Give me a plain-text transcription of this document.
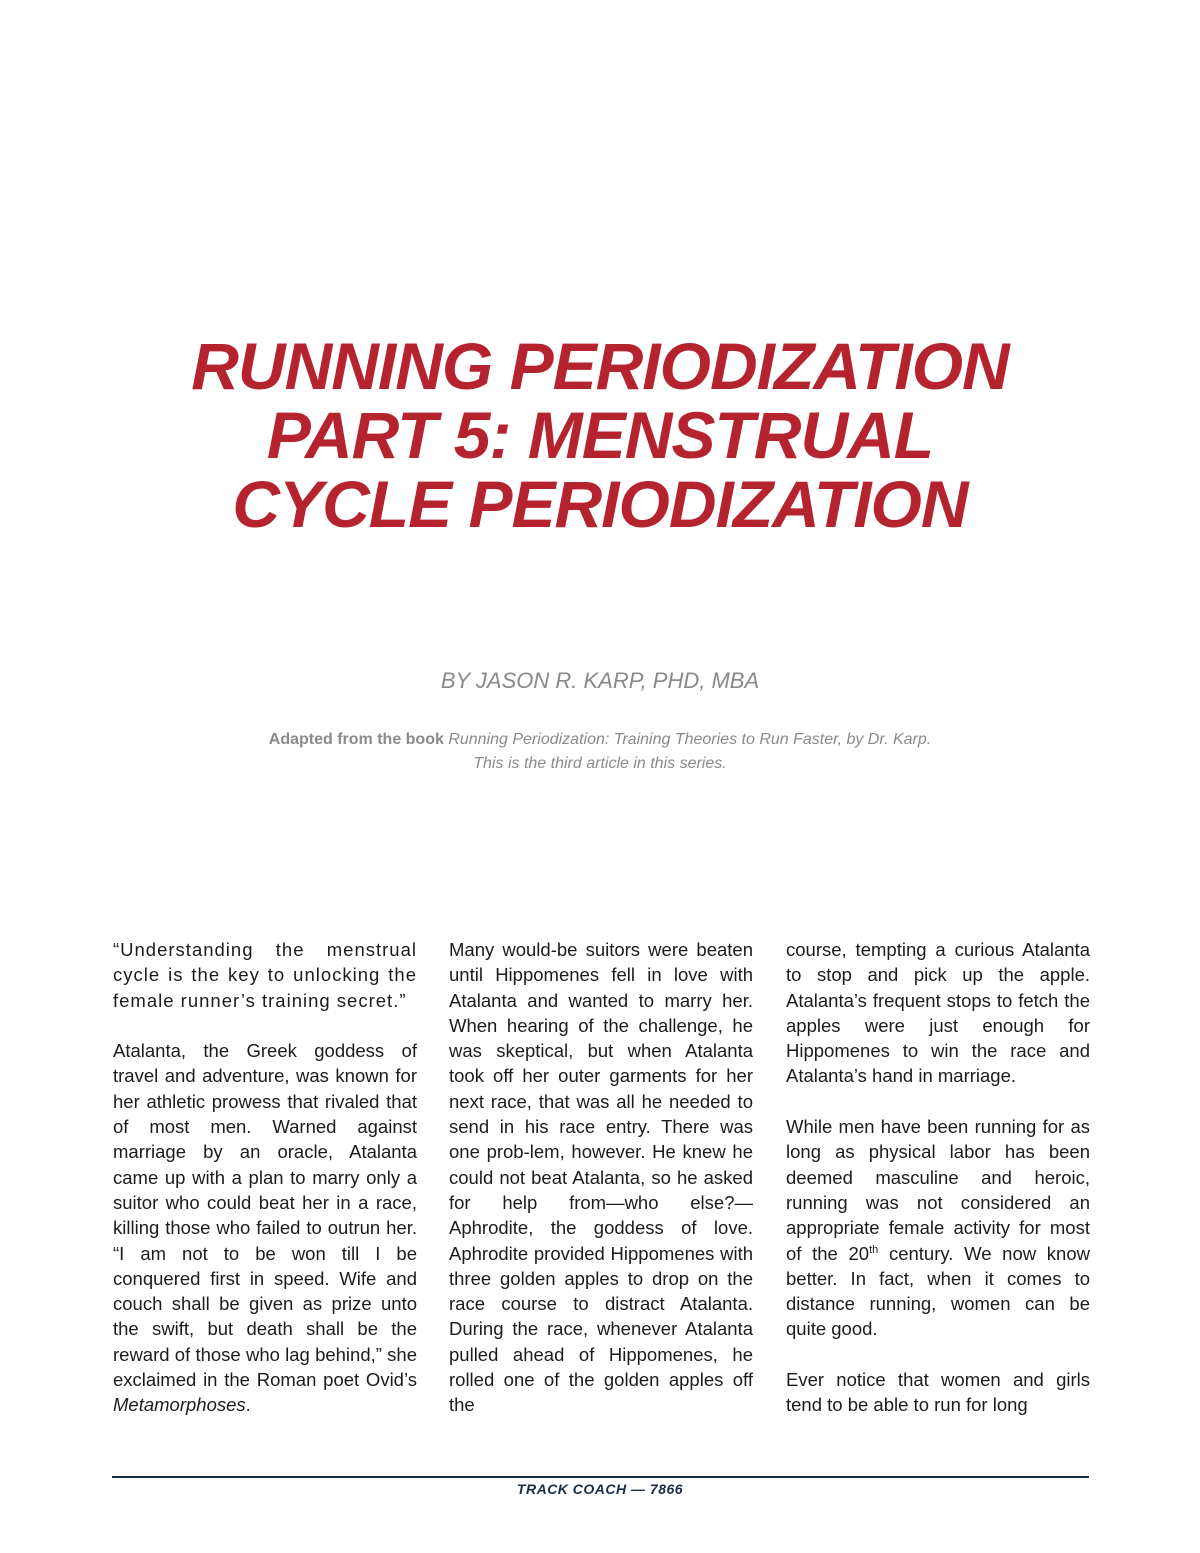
RUNNING PERIODIZATION
PART 5: MENSTRUAL
CYCLE PERIODIZATION
BY JASON R. KARP, PHD, MBA
Adapted from the book Running Periodization: Training Theories to Run Faster, by Dr. Karp.
This is the third article in this series.

“Understanding the menstrual cycle is the key to unlocking the female runner’s training secret.”

Atalanta, the Greek goddess of travel and adventure, was known for her athletic prowess that rivaled that of most men. Warned against marriage by an oracle, Atalanta came up with a plan to marry only a suitor who could beat her in a race, killing those who failed to outrun her. “I am not to be won till I be conquered first in speed. Wife and couch shall be given as prize unto the swift, but death shall be the reward of those who lag behind,” she exclaimed in the Roman poet Ovid’s Metamorphoses.

Many would-be suitors were beaten until Hippomenes fell in love with Atalanta and wanted to marry her. When hearing of the challenge, he was skeptical, but when Atalanta took off her outer garments for her next race, that was all he needed to send in his race entry. There was one prob-lem, however. He knew he could not beat Atalanta, so he asked for help from—who else?—Aphrodite, the goddess of love. Aphrodite provided Hippomenes with three golden apples to drop on the race course to distract Atalanta. During the race, whenever Atalanta pulled ahead of Hippomenes, he rolled one of the golden apples off the

course, tempting a curious Atalanta to stop and pick up the apple. Atalanta’s frequent stops to fetch the apples were just enough for Hippomenes to win the race and Atalanta’s hand in marriage.

While men have been running for as long as physical labor has been deemed masculine and heroic, running was not considered an appropriate female activity for most of the 20th century. We now know better. In fact, when it comes to distance running, women can be quite good.

Ever notice that women and girls tend to be able to run for long

TRACK COACH — 7866
